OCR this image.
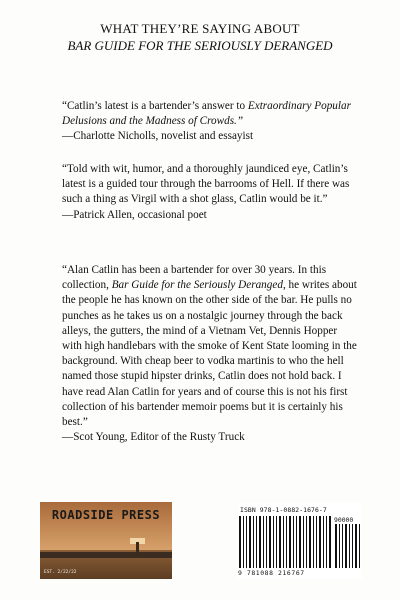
WHAT THEY’RE SAYING ABOUT
BAR GUIDE FOR THE SERIOUSLY DERANGED

“Catlin’s latest is a bartender’s answer to Extraordinary Popular Delusions and the Madness of Crowds.”

—Charlotte Nicholls, novelist and essayist

“Told with wit, humor, and a thoroughly jaundiced eye, Catlin’s latest is a guided tour through the barrooms of Hell. If there was such a thing as Virgil with a shot glass, Catlin would be it.”

—Patrick Allen, occasional poet

“Alan Catlin has been a bartender for over 30 years. In this collection, Bar Guide for the Seriously Deranged, he writes about the people he has known on the other side of the bar. He pulls no punches as he takes us on a nostalgic journey through the back alleys, the gutters, the mind of a Vietnam Vet, Dennis Hopper with high handlebars with the smoke of Kent State looming in the background. With cheap beer to vodka martinis to who the hell named those stupid hipster drinks, Catlin does not hold back. I have read Alan Catlin for years and of course this is not his first collection of his bartender memoir poems but it is certainly his best.”

—Scot Young, Editor of the Rusty Truck
ROADSIDE PRESS
EST. 2/22/22
ISBN 978-1-0882-1676-7
90000
9 781088 216767
